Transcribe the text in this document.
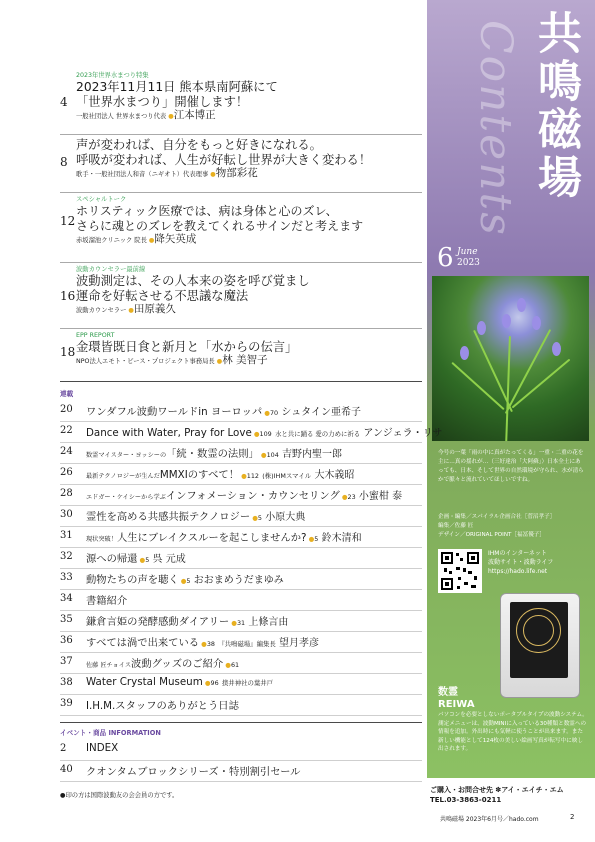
Contents 共鳴磁場
6 June
2023
今号の一葉「雨の中に真がたってくる」一重・二重の花を主に…真の揺れが…（三好達治「大阿蘇」）日本全土にあっても、日本、そして世界の自然環境が守られ、水が清らかで脈々と流れていてほしいですね。
企画・編集／スパイラル企画合社［菅沼孝子］
編集／佐藤 匠
デザイン／ORIGINAL POINT［福冨優子］
IHMのインターネット
波動サイト・波動ライフ
https://hado.life.net
数霊
REIWA
パソコンを必要としないポータブルタイプの波動システム。測定メニューは、波動MINIに入っている30種類と数霊への情報を追加。外出時にも気軽に使うことが出来ます。また新しい機能として124枚の美しい絵画写真が転写中に映し出されます。
ご購入・お問合せ先 ✽アイ・エイチ・エム
TEL.03-3863-0211
共鳴磁場 2023年6月号／hado.com	2
4
2023年世界水まつり特集
2023年11月11日 熊本県南阿蘇にて
「世界水まつり」開催します！
一般社団法人 世界水まつり代表 ●江本博正
8
声が変われば、自分をもっと好きになれる。
呼吸が変われば、人生が好転し世界が大きく変わる！
歌手・一般社団法人和音（ニギオト）代表理事 ●物部彩花
12
スペシャルトーク
ホリスティック医療では、病は身体と心のズレ、
さらに魂とのズレを教えてくれるサインだと考えます
赤坂溜池クリニック 院長 ●降矢英成
16
波動カウンセラー最前線
波動測定は、その人本来の姿を呼び覚まし
運命を好転させる不思議な魔法
波動カウンセラー ●田原義久
18
EPP REPORT
金環皆既日食と新月と「水からの伝言」
NPO法人エモト・ピース・プロジェクト事務局長 ●林 美智子
連載
20	ワンダフル波動ワールドin ヨーロッパ ●70 シュタイン亜希子
22	Dance with Water, Pray for Love ●109 水と共に踊る 愛の力めに祈る アンジェラ・リサ
24	数霊マイスター・ヨッシーの「続・数霊の法則」 ●104 吉野内聖一郎
26	最新テクノロジーが生んだMMXIのすべて！ ●112 (株)IHMスマイル 大木義昭
28	エドガー・ケイシーから学ぶインフォメーション・カウンセリング ●23 小蜜柑 泰
30	霊性を高める共感共振テクノロジー ●5 小原大典
31	現状突破！人生にブレイクスルーを起こしませんか? ●5 鈴木清和
32	源への帰還 ●5 呉 元成
33	動物たちの声を聴く ●5 おおまめうだまゆみ
34	書籍紹介
35	鎌倉言姫の発酵感動ダイアリー ●31 上條言由
36	すべては渦で出来ている ●38 『共鳴磁場』編集長 望月孝彦
37	佐藤 匠チョイス波動グッズのご紹介 ●61
38	Water Crystal Museum ●96 撲井神社の葉井戸
39	I.H.M.スタッフのありがとう日誌
イベント・商品 INFORMATION
2	INDEX
40	クオンタムブロックシリーズ・特別割引セール
●印の方は国際波動友の会会員の方です。
